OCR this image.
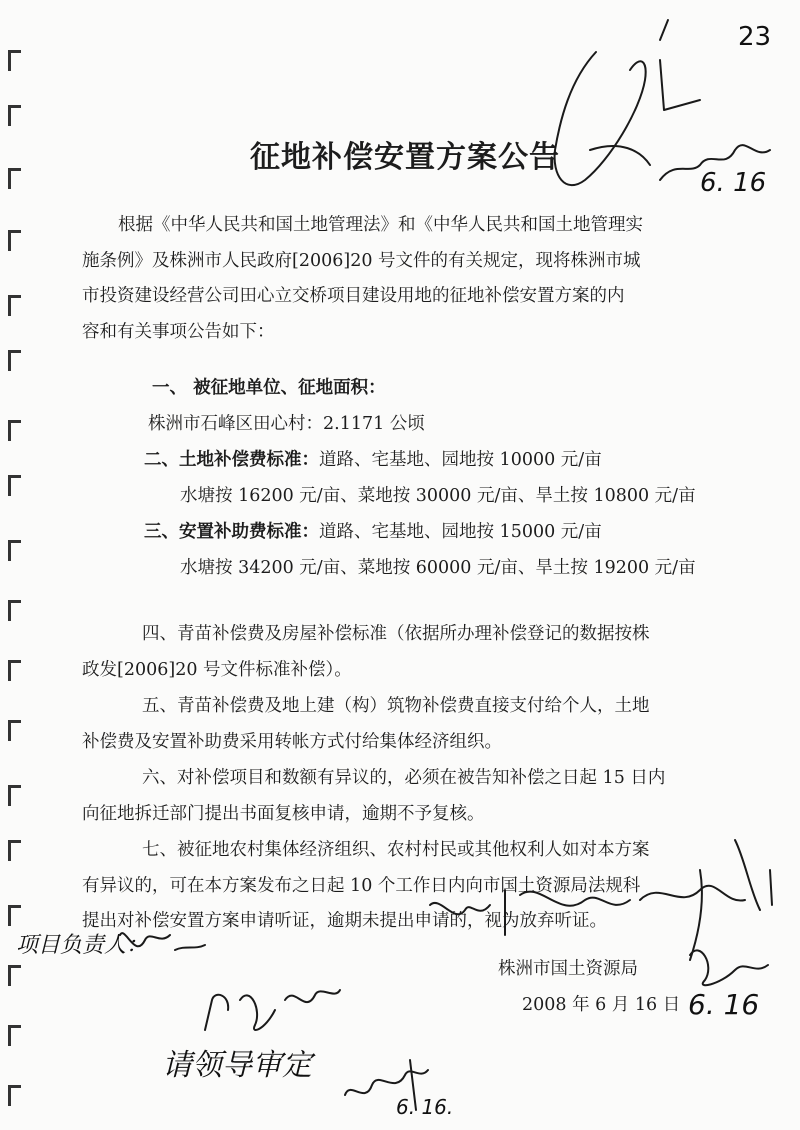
23
征地补偿安置方案公告
根据《中华人民共和国土地管理法》和《中华人民共和国土地管理实
施条例》及株洲市人民政府[2006]20 号文件的有关规定，现将株洲市城
市投资建设经营公司田心立交桥项目建设用地的征地补偿安置方案的内
容和有关事项公告如下：
一、 被征地单位、征地面积：
株洲市石峰区田心村：2.1171 公顷
二、土地补偿费标准：道路、宅基地、园地按 10000 元/亩
水塘按 16200 元/亩、菜地按 30000 元/亩、旱土按 10800 元/亩
三、安置补助费标准：道路、宅基地、园地按 15000 元/亩
水塘按 34200 元/亩、菜地按 60000 元/亩、旱土按 19200 元/亩
四、青苗补偿费及房屋补偿标准（依据所办理补偿登记的数据按株
政发[2006]20 号文件标准补偿）。
五、青苗补偿费及地上建（构）筑物补偿费直接支付给个人，土地
补偿费及安置补助费采用转帐方式付给集体经济组织。
六、对补偿项目和数额有异议的，必须在被告知补偿之日起 15 日内
向征地拆迁部门提出书面复核申请，逾期不予复核。
七、被征地农村集体经济组织、农村村民或其他权利人如对本方案
有异议的，可在本方案发布之日起 10 个工作日内向市国土资源局法规科
提出对补偿安置方案申请听证，逾期未提出申请的，视为放弃听证。
株洲市国土资源局
2008 年 6 月 16 日
6. 16
项目负责人：
6. 16
请领导审定
6. 16.
